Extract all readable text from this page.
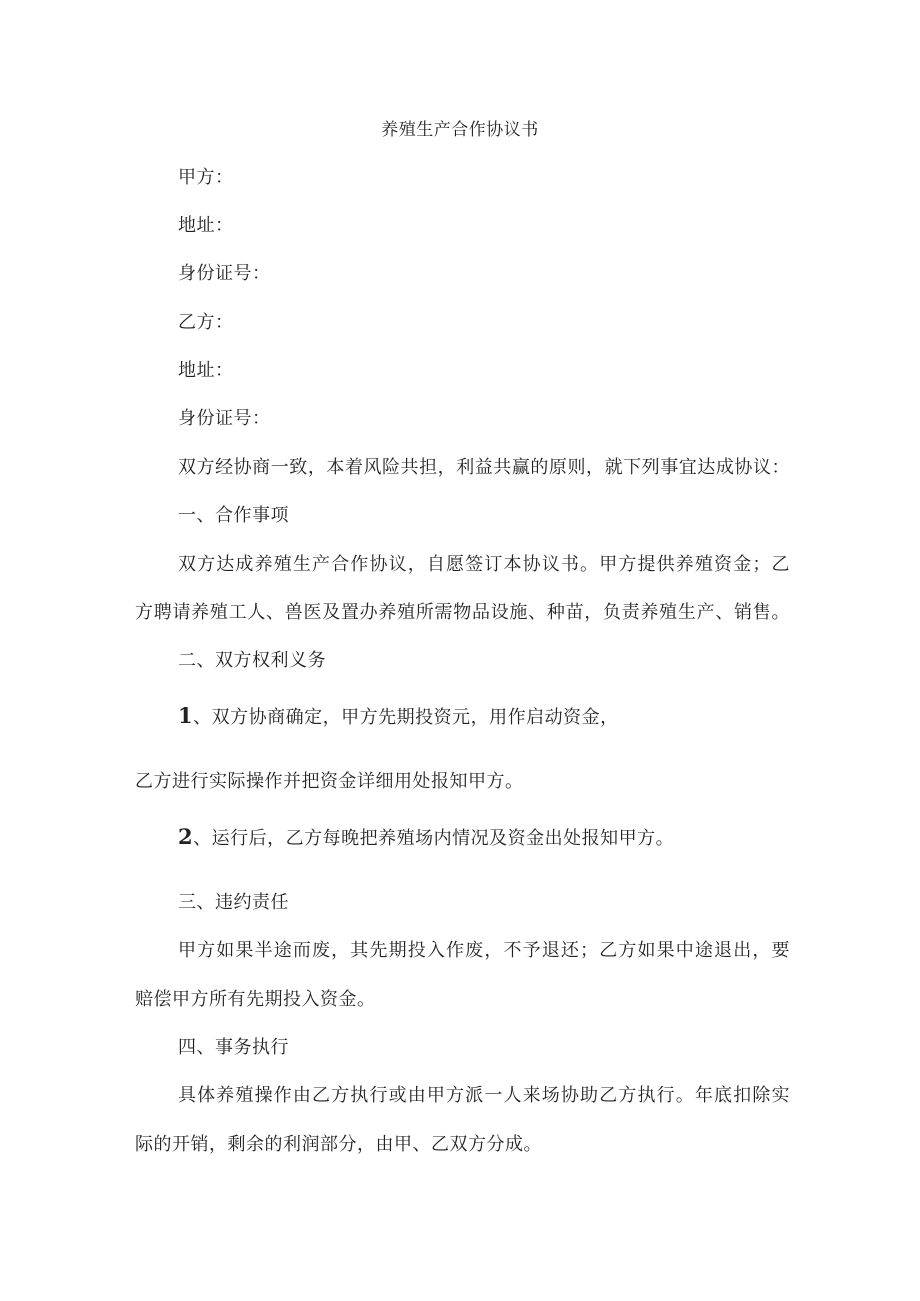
养殖生产合作协议书
甲方：
地址：
身份证号：
乙方：
地址：
身份证号：
双方经协商一致，本着风险共担，利益共赢的原则，就下列事宜达成协议：
一、合作事项
双方达成养殖生产合作协议，自愿签订本协议书。甲方提供养殖资金；乙
方聘请养殖工人、兽医及置办养殖所需物品设施、种苗，负责养殖生产、销售。
二、双方权利义务
1、双方协商确定，甲方先期投资元，用作启动资金，
乙方进行实际操作并把资金详细用处报知甲方。
2、运行后，乙方每晚把养殖场内情况及资金出处报知甲方。
三、违约责任
甲方如果半途而废，其先期投入作废，不予退还；乙方如果中途退出，要
赔偿甲方所有先期投入资金。
四、事务执行
具体养殖操作由乙方执行或由甲方派一人来场协助乙方执行。年底扣除实
际的开销，剩余的利润部分，由甲、乙双方分成。
